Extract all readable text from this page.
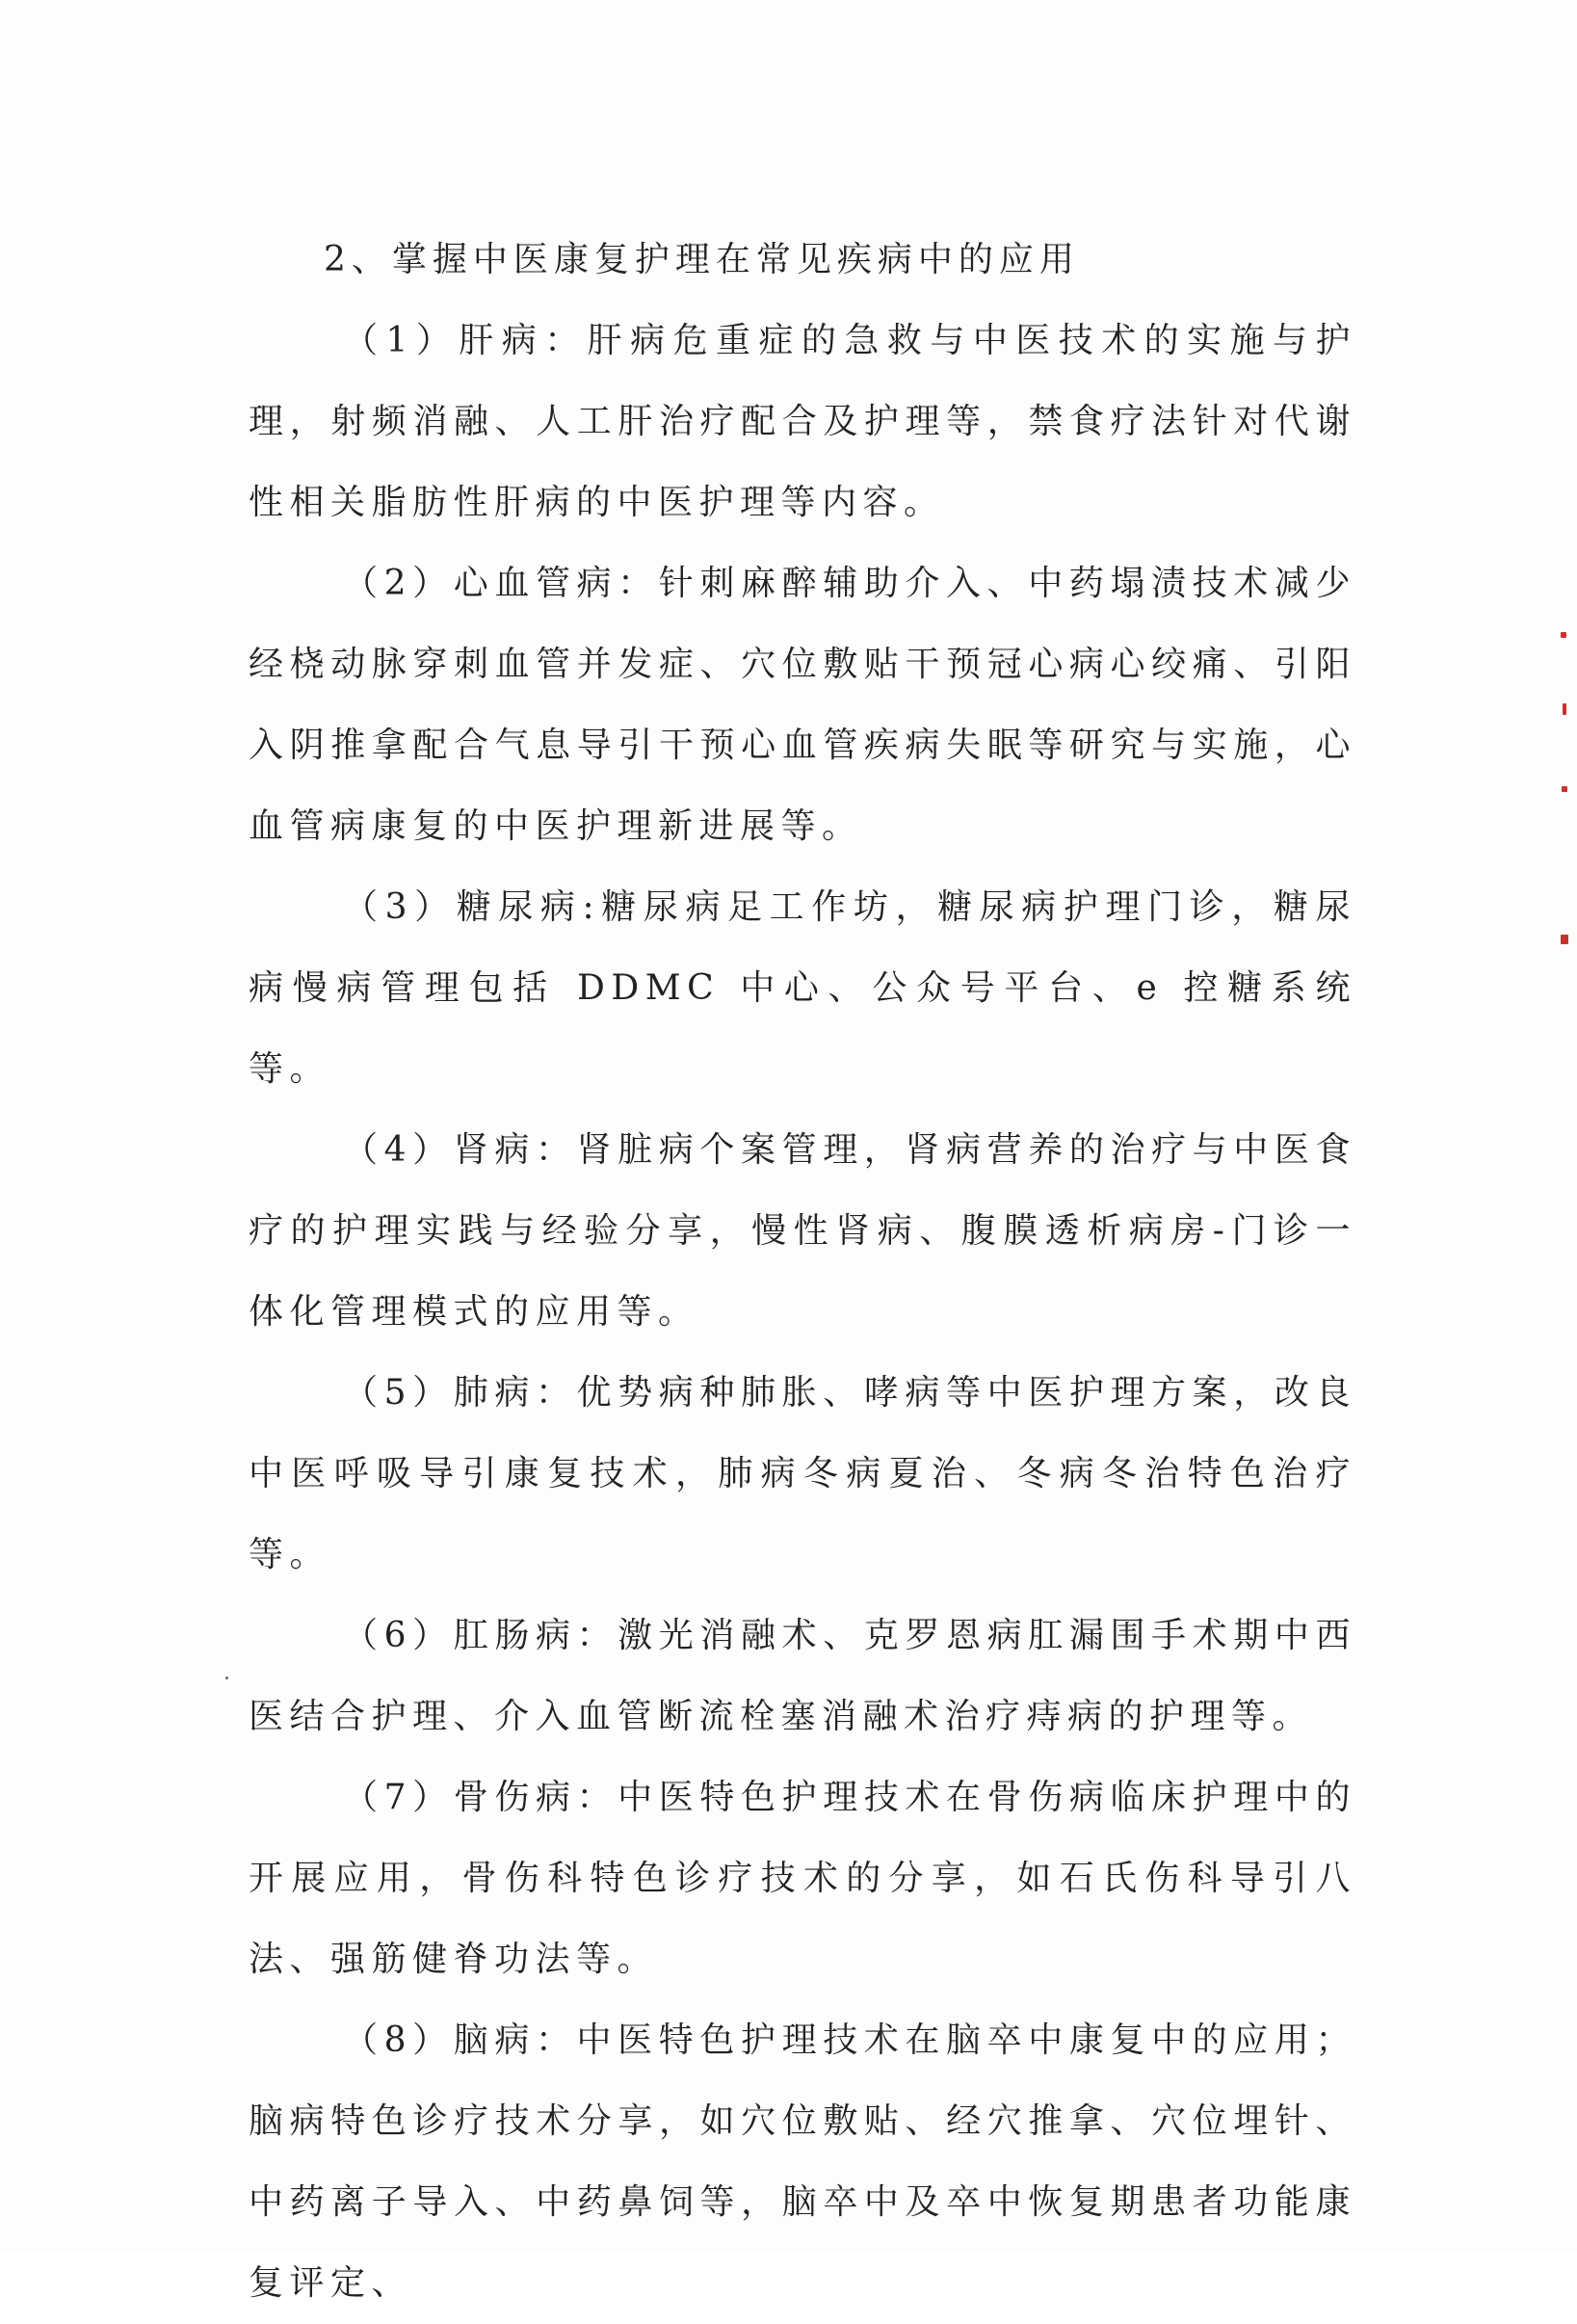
2、掌握中医康复护理在常见疾病中的应用

（1）肝病：肝病危重症的急救与中医技术的实施与护理，射频消融、人工肝治疗配合及护理等，禁食疗法针对代谢性相关脂肪性肝病的中医护理等内容。

（2）心血管病：针刺麻醉辅助介入、中药塌渍技术减少经桡动脉穿刺血管并发症、穴位敷贴干预冠心病心绞痛、引阳入阴推拿配合气息导引干预心血管疾病失眠等研究与实施，心血管病康复的中医护理新进展等。

（3）糖尿病:糖尿病足工作坊，糖尿病护理门诊，糖尿病慢病管理包括 DDMC 中心、公众号平台、e 控糖系统等。

（4）肾病：肾脏病个案管理，肾病营养的治疗与中医食疗的护理实践与经验分享，慢性肾病、腹膜透析病房-门诊一体化管理模式的应用等。

（5）肺病：优势病种肺胀、哮病等中医护理方案，改良中医呼吸导引康复技术，肺病冬病夏治、冬病冬治特色治疗等。

（6）肛肠病：激光消融术、克罗恩病肛漏围手术期中西医结合护理、介入血管断流栓塞消融术治疗痔病的护理等。

（7）骨伤病：中医特色护理技术在骨伤病临床护理中的开展应用，骨伤科特色诊疗技术的分享，如石氏伤科导引八法、强筋健脊功法等。

（8）脑病：中医特色护理技术在脑卒中康复中的应用；脑病特色诊疗技术分享，如穴位敷贴、经穴推拿、穴位埋针、中药离子导入、中药鼻饲等，脑卒中及卒中恢复期患者功能康复评定、
